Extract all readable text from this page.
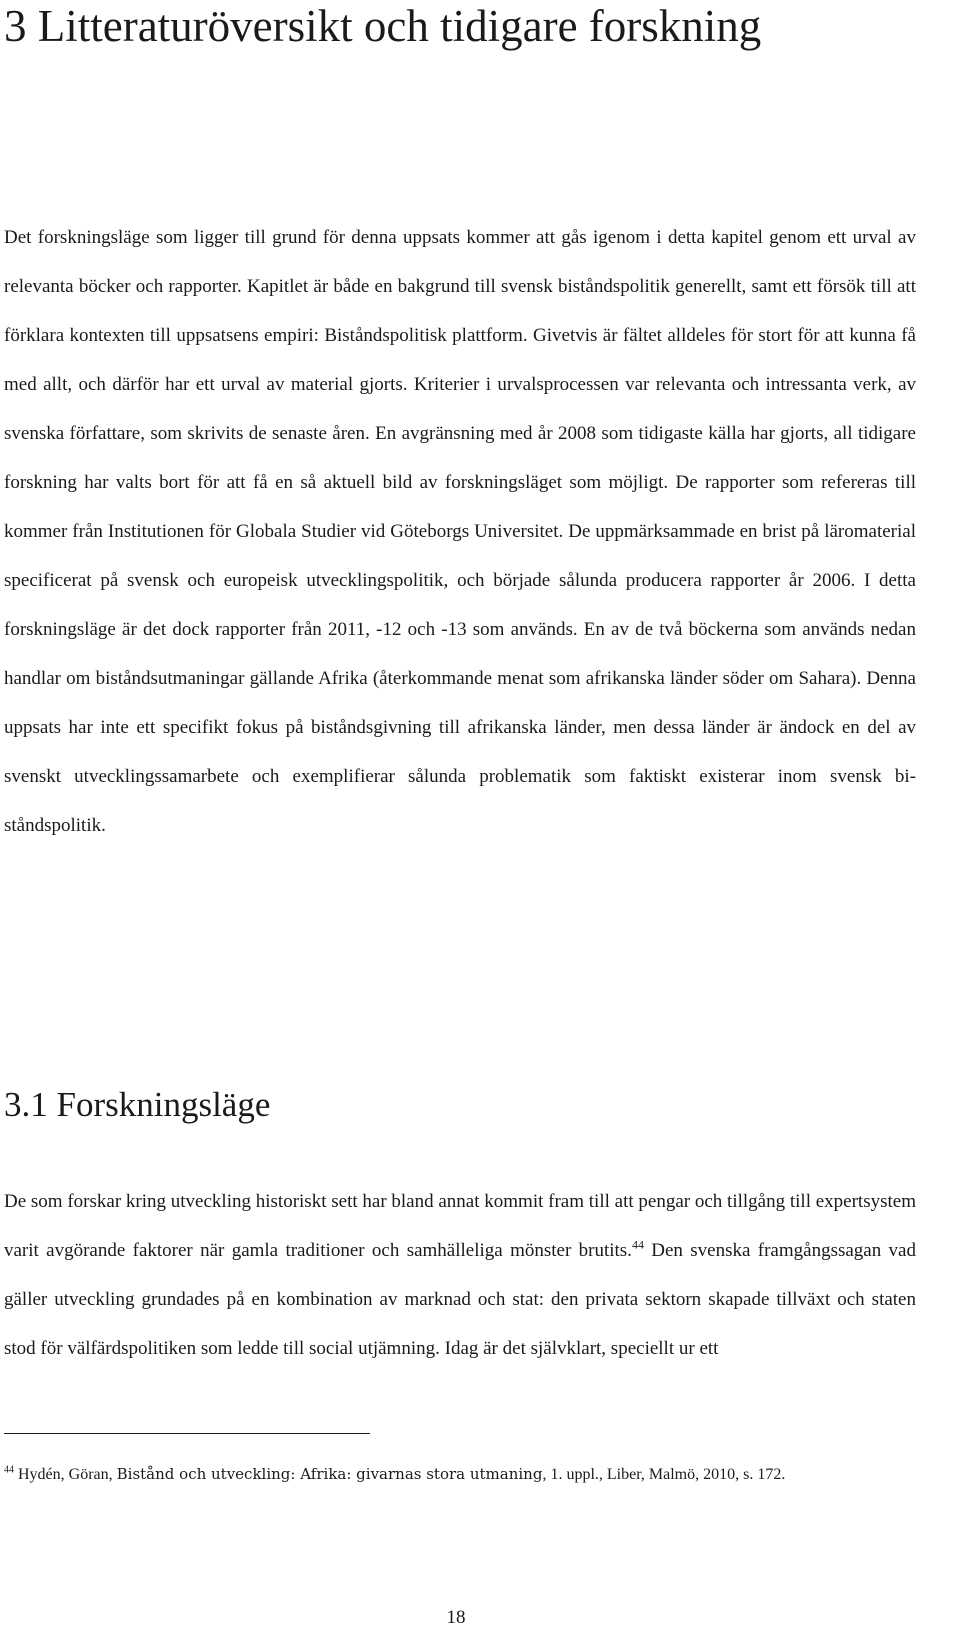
3 Litteraturöversikt och tidigare forskning

Det forskningsläge som ligger till grund för denna uppsats kommer att gås igenom i detta kapitel genom ett urval av relevanta böcker och rapporter. Kapitlet är både en bakgrund till svensk biståndspolitik generellt, samt ett försök till att förklara kontexten till uppsatsens empiri: Biståndspolitisk plattform. Givetvis är fältet alldeles för stort för att kunna få med allt, och därför har ett urval av material gjorts. Kriterier i urvalsprocessen var relevanta och intressanta verk, av svenska författare, som skrivits de senaste åren. En avgränsning med år 2008 som tidigaste källa har gjorts, all tidigare forskning har valts bort för att få en så aktuell bild av forskningsläget som möjligt. De rapporter som refereras till kommer från Institutionen för Globala Studier vid Göteborgs Universitet. De uppmärksammade en brist på läromaterial specificerat på svensk och europeisk utvecklingspolitik, och började sålunda producera rapporter år 2006. I detta forskningsläge är det dock rapporter från 2011, -12 och -13 som används. En av de två böckerna som används nedan handlar om biståndsutmaningar gällande Afrika (återkommande menat som afrikanska länder söder om Sahara). Denna uppsats har inte ett specifikt fokus på biståndsgivning till afrikanska länder, men dessa länder är ändock en del av svenskt utvecklingssamarbete och exemplifierar sålunda problematik som faktiskt existerar inom svensk biståndspolitik.

3.1 Forskningsläge

De som forskar kring utveckling historiskt sett har bland annat kommit fram till att pengar och tillgång till expertsystem varit avgörande faktorer när gamla traditioner och samhälleliga mönster brutits.$^{44}$ Den svenska framgångssagan vad gäller utveckling grundades på en kombination av marknad och stat: den privata sektorn skapade tillväxt och staten stod för välfärdspolitiken som ledde till social utjämning. Idag är det självklart, speciellt ur ett

$^{44}$ Hydén, Göran, Bistånd och utveckling: Afrika: givarnas stora utmaning, 1. uppl., Liber, Malmö, 2010, s. 172.

18
